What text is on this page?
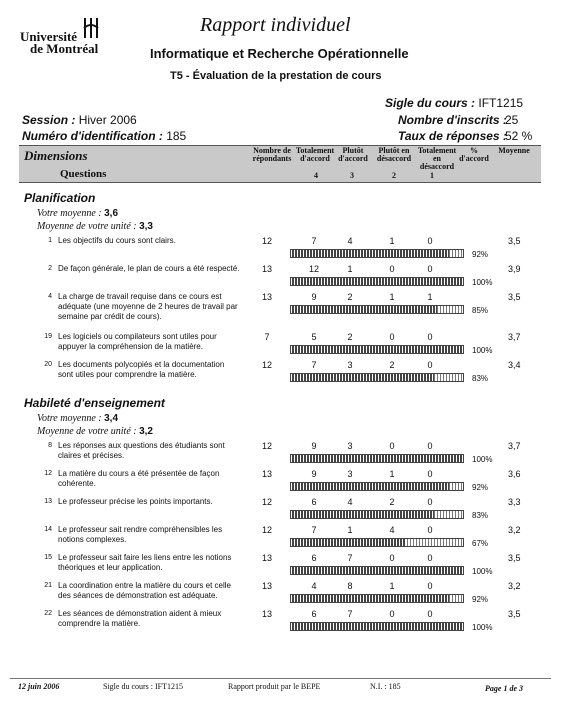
Université
de Montréal
Rapport individuel
Informatique et Recherche Opérationnelle
T5 - Évaluation de la prestation de cours
Sigle du cours : IFT1215
Session : Hiver 2006	Nombre d'inscrits :
25
Numéro d'identification : 185	Taux de réponses :
52 %
Dimensions
Questions
Nombre de
répondants
Totalement
d'accord
Plutôt
d'accord
Plutôt en
désaccord
Totalement
en
désaccord
%
d'accord
Moyenne
4	3	2	1
Planification
Votre moyenne : 3,6
Moyenne de votre unité : 3,3
1 Les objectifs du cours sont clairs.	12	7	4	1	0	3,5
92%
2 De façon générale, le plan de cours a été respecté.	13	12	1	0	0	3,9
100%
4 La charge de travail requise dans ce cours est
adéquate (une moyenne de 2 heures de travail par
semaine par crédit de cours).
13	9	2	1	1	3,5
85%
19 Les logiciels ou compilateurs sont utiles pour
appuyer la compréhension de la matière.
7	5	2	0	0	3,7
100%
20 Les documents polycopiés et la documentation
sont utiles pour comprendre la matière.
12	7	3	2	0	3,4
83%
Habileté d'enseignement
Votre moyenne : 3,4
Moyenne de votre unité : 3,2
8 Les réponses aux questions des étudiants sont
claires et précises.
12	9	3	0	0	3,7
100%
12 La matière du cours a été présentée de façon
cohérente.
13	9	3	1	0	3,6
92%
13 Le professeur précise les points importants.	12	6	4	2	0	3,3
83%
14 Le professeur sait rendre compréhensibles les
notions complexes.
12	7	1	4	0	3,2
67%
15 Le professeur sait faire les liens entre les notions
théoriques et leur application.
13	6	7	0	0	3,5
100%
21 La coordination entre la matière du cours et celle
des séances de démonstration est adéquate.
13	4	8	1	0	3,2
92%
22 Les séances de démonstration aident à mieux
comprendre la matière.
13	6	7	0	0	3,5
100%
12 juin 2006	Sigle du cours : IFT1215	Rapport produit par le BEPE	N.I. : 185	Page 1 de 3
